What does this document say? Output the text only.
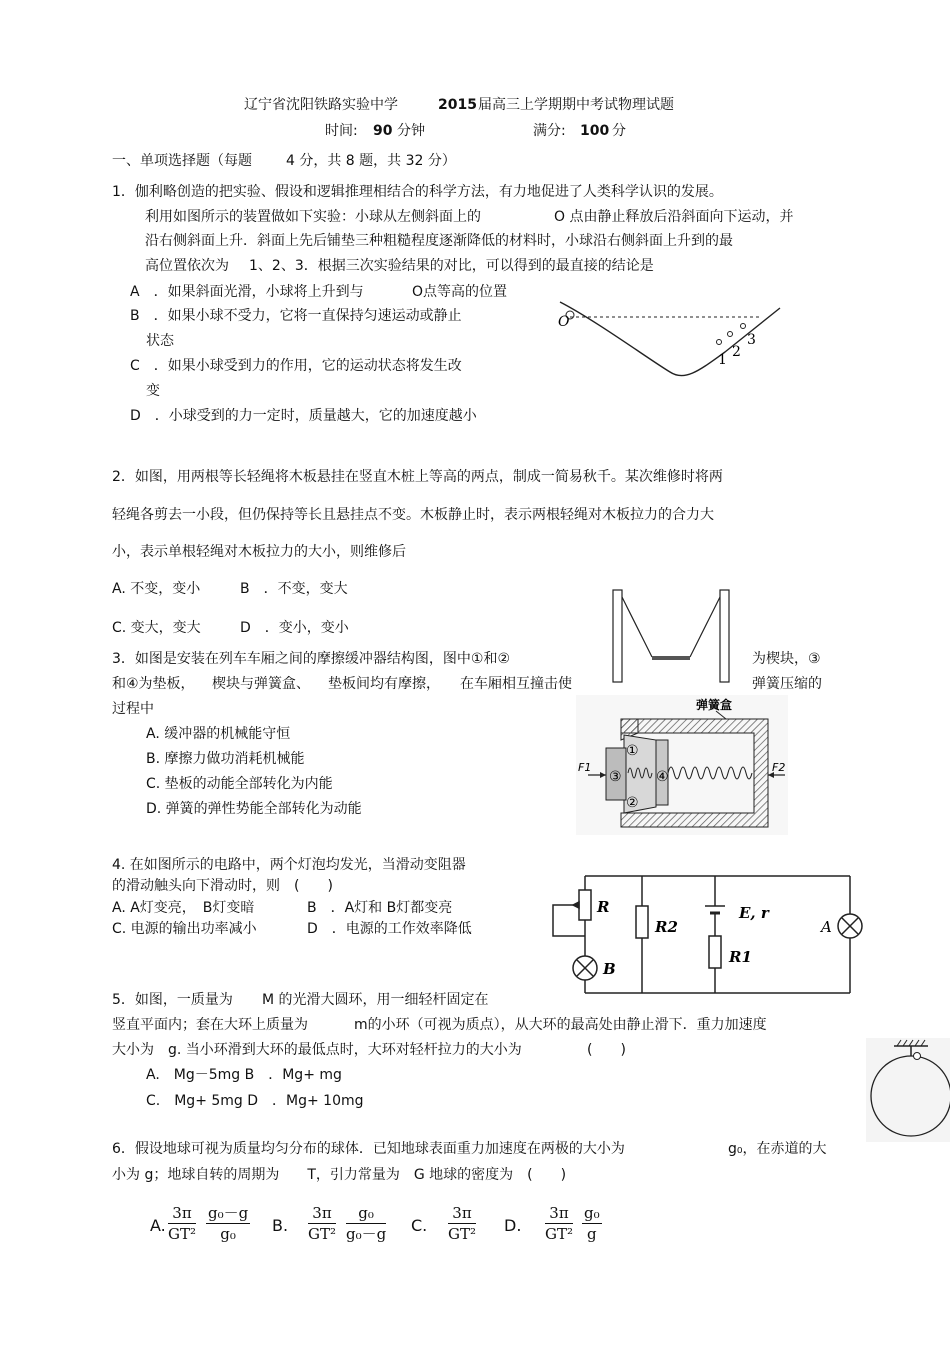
辽宁省沈阳铁路实验中学	2015 届高三上学期期中考试物理试题
时间: 90 分钟	满分: 100 分
一、单项选择题（每题 4 分，共 8 题，共 32 分）
1．伽利略创造的把实验、假设和逻辑推理相结合的科学方法，有力地促进了人类科学认识的发展。
利用如图所示的装置做如下实验：小球从左侧斜面上的	O 点由静止释放后沿斜面向下运动，并
沿右侧斜面上升．斜面上先后铺垫三种粗糙程度逐渐降低的材料时，小球沿右侧斜面上升到的最
高位置依次为 1、2、3．根据三次实验结果的对比，可以得到的最直接的结论是
A　．如果斜面光滑，小球将上升到与	O点等高的位置
B　．如果小球不受力，它将一直保持匀速运动或静止
状态
C　．如果小球受到力的作用，它的运动状态将发生改
变
D　．小球受到的力一定时，质量越大，它的加速度越小
O
1 2
3
2．如图，用两根等长轻绳将木板悬挂在竖直木桩上等高的两点，制成一简易秋千。某次维修时将两
轻绳各剪去一小段，但仍保持等长且悬挂点不变。木板静止时，表示两根轻绳对木板拉力的合力大
小，表示单根轻绳对木板拉力的大小，则维修后
A. 不变，变小	B　．不变，变大
C. 变大，变大	D　．变小，变小
3．如图是安装在列车车厢之间的摩擦缓冲器结构图，图中①和②	为楔块，③
和④为垫板， 楔块与弹簧盒、 垫板间均有摩擦， 在车厢相互撞击使	弹簧压缩的
过程中
A. 缓冲器的机械能守恒
B. 摩擦力做功消耗机械能
C. 垫板的动能全部转化为内能
D. 弹簧的弹性势能全部转化为动能
弹簧盒
①
②
③ ④
F1	F2
4. 在如图所示的电路中，两个灯泡均发光，当滑动变阻器
的滑动触头向下滑动时，则　(　　)
A. A灯变亮，　B灯变暗	B　．A灯和 B灯都变亮
C. 电源的输出功率减小	D　．电源的工作效率降低
R
R2
E, r
R1
A
B
5．如图，一质量为 M 的光滑大圆环，用一细轻杆固定在
竖直平面内；套在大环上质量为	m的小环（可视为质点），从大环的最高处由静止滑下．重力加速度
大小为　g. 当小环滑到大环的最低点时，大环对轻杆拉力的大小为	(　　)
A.　Mg－5mg B　．Mg+ mg
C.　Mg+ 5mg D　．Mg+ 10mg
6．假设地球可视为质量均匀分布的球体．已知地球表面重力加速度在两极的大小为	g₀，在赤道的大
小为 g；地球自转的周期为　　T，引力常量为　G 地球的密度为　(　　)
A. $\frac{3\pi}{\text{GT²}} \frac{\text{g₀－g}}{\text{g₀}} B$. $\frac{3\pi}{\text{GT²}} \frac{\text{g₀}}{\text{g₀－g}} C$. $\frac{3\pi}{\text{GT²}} D$. $\frac{3\pi}{\text{GT²}} \frac{\text{g₀}}{g}$
